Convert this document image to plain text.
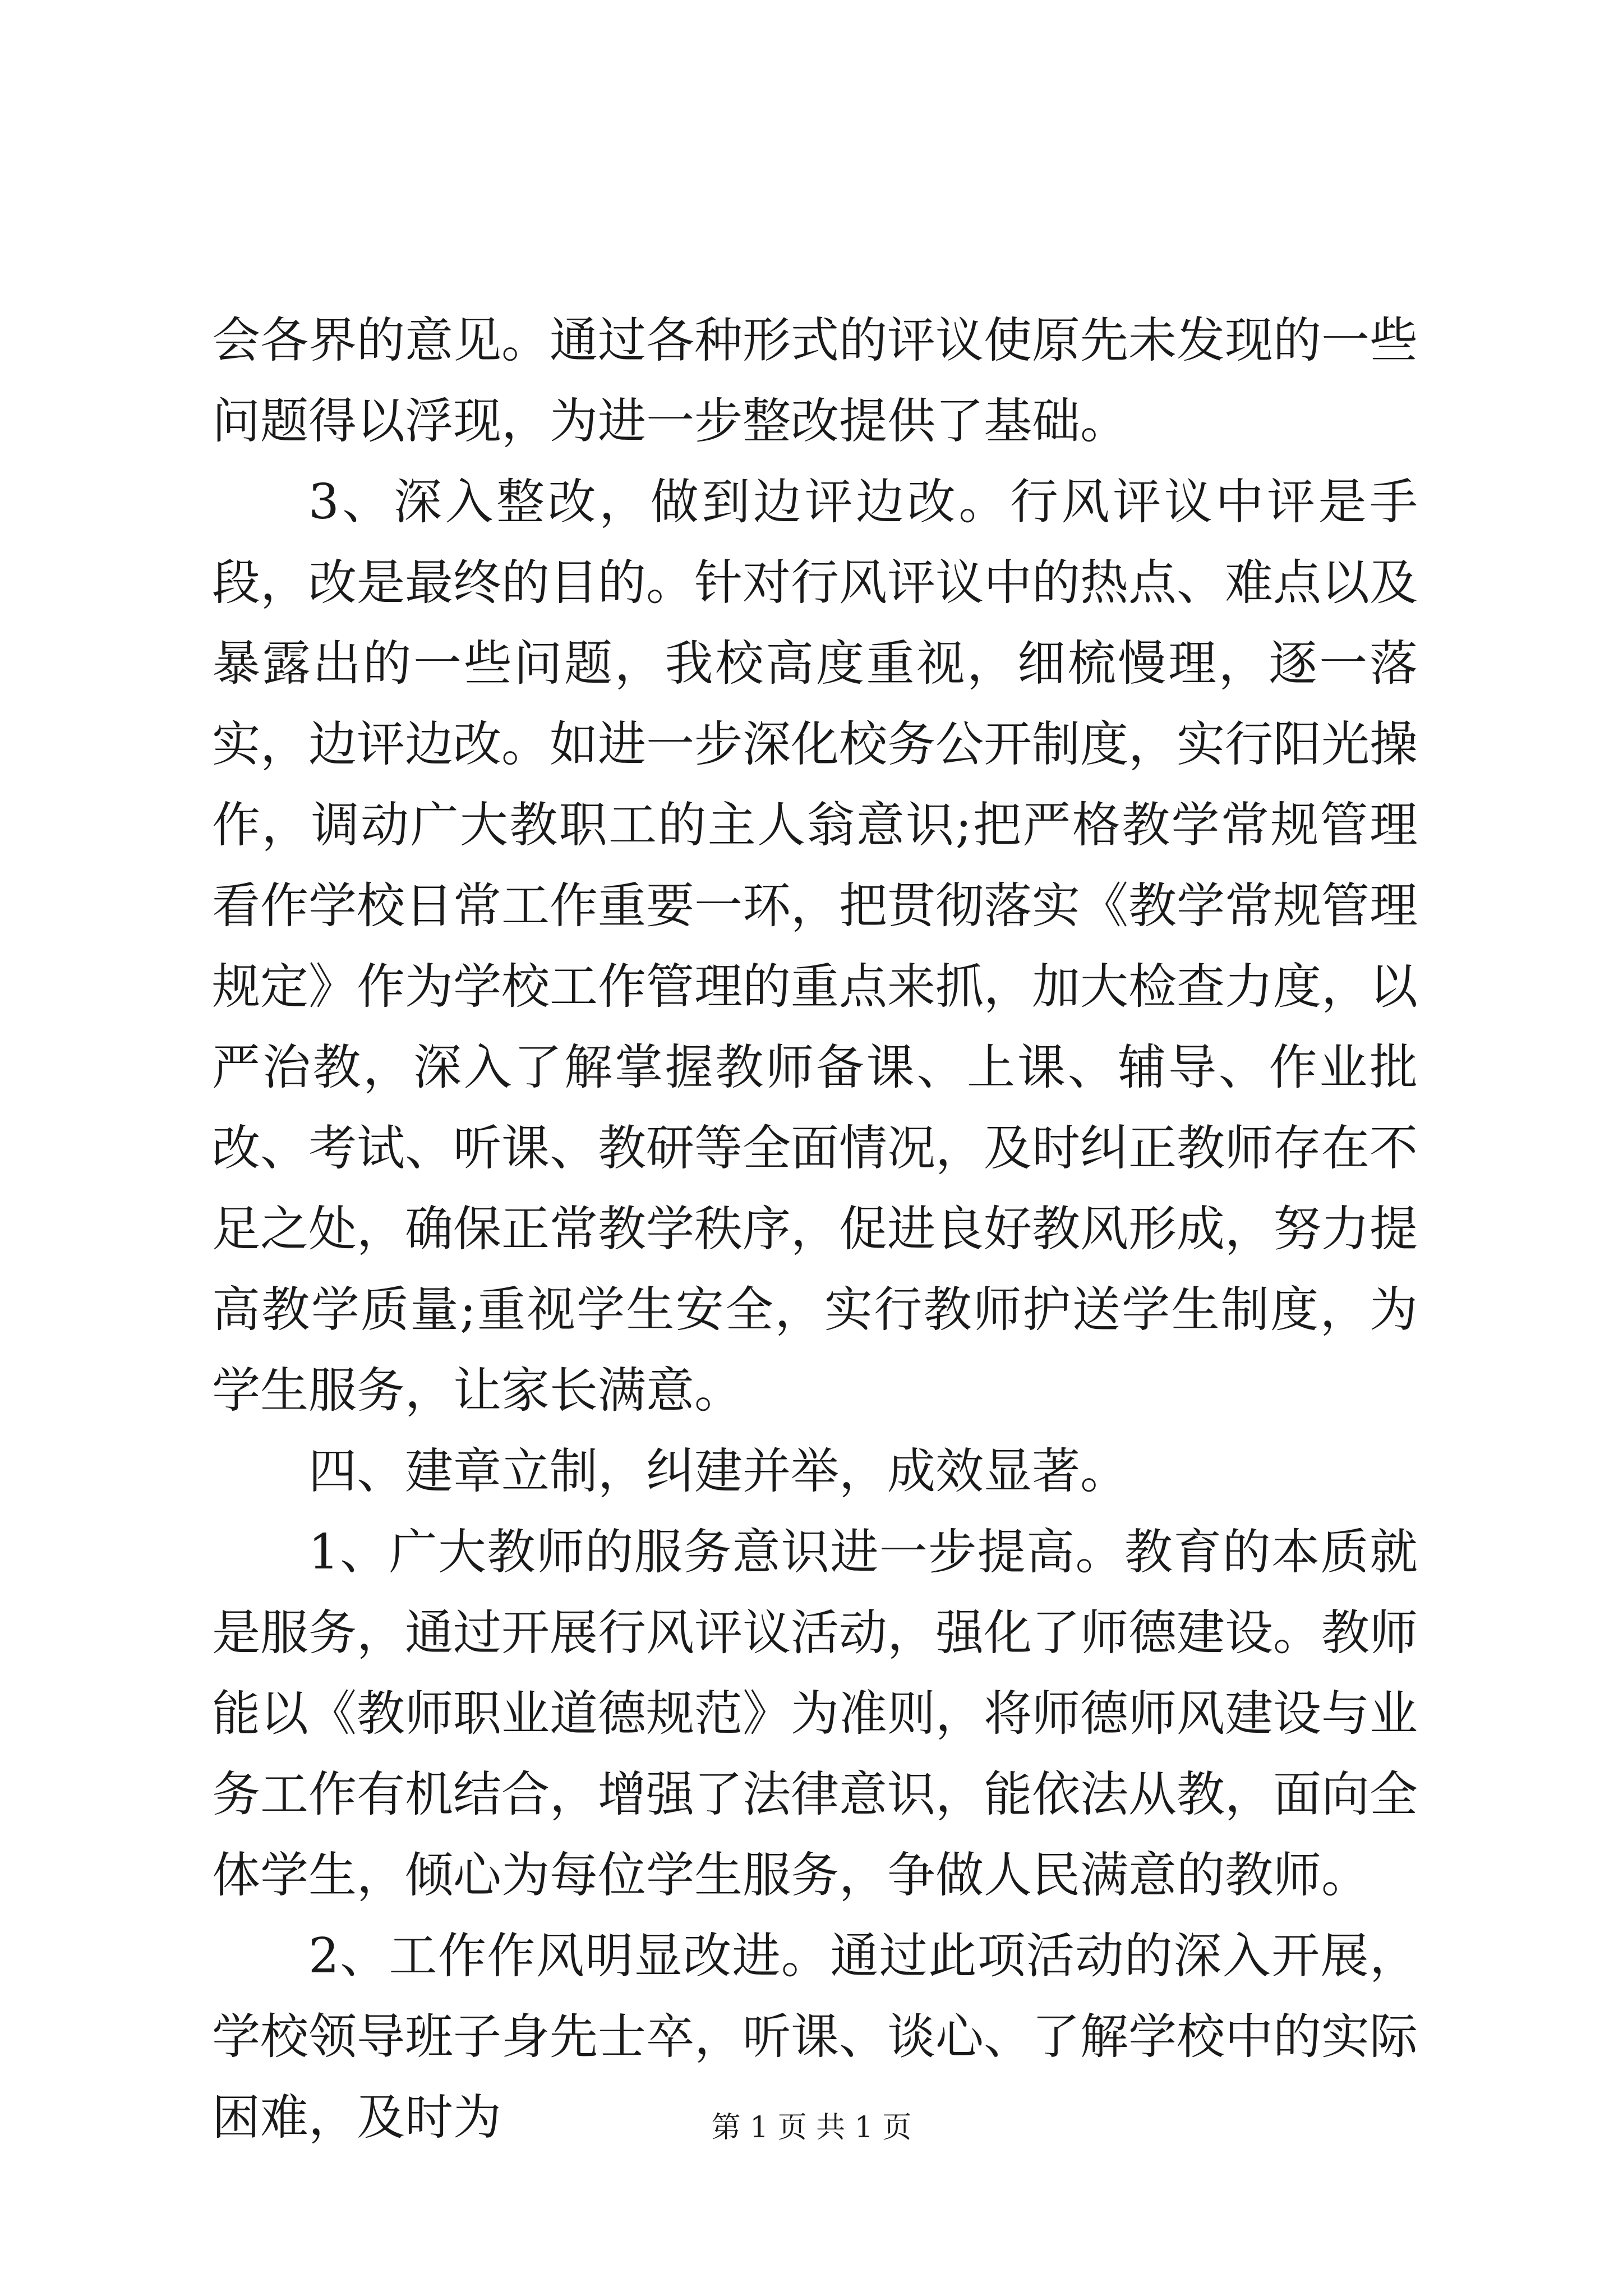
会各界的意见。通过各种形式的评议使原先未发现的一些问题得以浮现，为进一步整改提供了基础。

3、深入整改，做到边评边改。行风评议中评是手段，改是最终的目的。针对行风评议中的热点、难点以及暴露出的一些问题，我校高度重视，细梳慢理，逐一落实，边评边改。如进一步深化校务公开制度，实行阳光操作，调动广大教职工的主人翁意识;把严格教学常规管理看作学校日常工作重要一环，把贯彻落实《教学常规管理规定》作为学校工作管理的重点来抓，加大检查力度，以严治教，深入了解掌握教师备课、上课、辅导、作业批改、考试、听课、教研等全面情况，及时纠正教师存在不足之处，确保正常教学秩序，促进良好教风形成，努力提高教学质量;重视学生安全，实行教师护送学生制度，为学生服务，让家长满意。

四、建章立制，纠建并举，成效显著。

1、广大教师的服务意识进一步提高。教育的本质就是服务，通过开展行风评议活动，强化了师德建设。教师能以《教师职业道德规范》为准则，将师德师风建设与业务工作有机结合，增强了法律意识，能依法从教，面向全体学生，倾心为每位学生服务，争做人民满意的教师。

2、工作作风明显改进。通过此项活动的深入开展，学校领导班子身先士卒，听课、谈心、了解学校中的实际困难，及时为	第 1 页 共 1 页
